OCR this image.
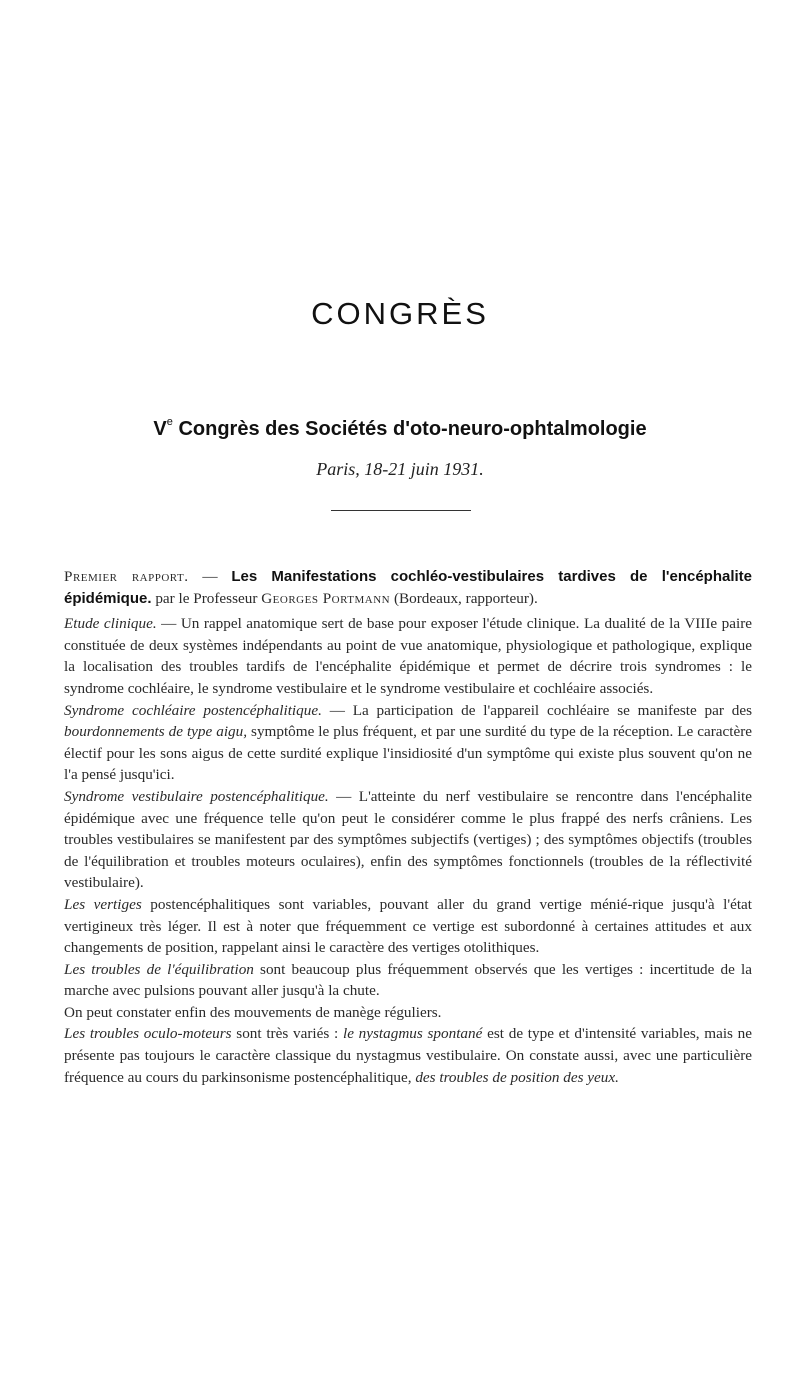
CONGRÈS
Ve Congrès des Sociétés d'oto-neuro-ophtalmologie
Paris, 18-21 juin 1931.

Premier rapport. — Les Manifestations cochléo-vestibulaires tardives de l'encéphalite épidémique. par le Professeur Georges Portmann (Bordeaux, rapporteur).

Etude clinique. — Un rappel anatomique sert de base pour exposer l'étude clinique. La dualité de la VIIIe paire constituée de deux systèmes indépendants au point de vue anatomique, physiologique et pathologique, explique la localisation des troubles tardifs de l'encéphalite épidémique et permet de décrire trois syndromes : le syndrome cochléaire, le syndrome vestibulaire et le syndrome vestibulaire et cochléaire associés.

Syndrome cochléaire postencéphalitique. — La participation de l'appareil cochléaire se manifeste par des bourdonnements de type aigu, symptôme le plus fréquent, et par une surdité du type de la réception. Le caractère électif pour les sons aigus de cette surdité explique l'insidiosité d'un symptôme qui existe plus souvent qu'on ne l'a pensé jusqu'ici.

Syndrome vestibulaire postencéphalitique. — L'atteinte du nerf vestibulaire se rencontre dans l'encéphalite épidémique avec une fréquence telle qu'on peut le considérer comme le plus frappé des nerfs crâniens. Les troubles vestibulaires se manifestent par des symptômes subjectifs (vertiges) ; des symptômes objectifs (troubles de l'équilibration et troubles moteurs oculaires), enfin des symptômes fonctionnels (troubles de la réflectivité vestibulaire).

Les vertiges postencéphalitiques sont variables, pouvant aller du grand vertige ménié-rique jusqu'à l'état vertigineux très léger. Il est à noter que fréquemment ce vertige est subordonné à certaines attitudes et aux changements de position, rappelant ainsi le caractère des vertiges otolithiques.

Les troubles de l'équilibration sont beaucoup plus fréquemment observés que les vertiges : incertitude de la marche avec pulsions pouvant aller jusqu'à la chute.

On peut constater enfin des mouvements de manège réguliers.

Les troubles oculo-moteurs sont très variés : le nystagmus spontané est de type et d'intensité variables, mais ne présente pas toujours le caractère classique du nystagmus vestibulaire. On constate aussi, avec une particulière fréquence au cours du parkinsonisme postencéphalitique, des troubles de position des yeux.
